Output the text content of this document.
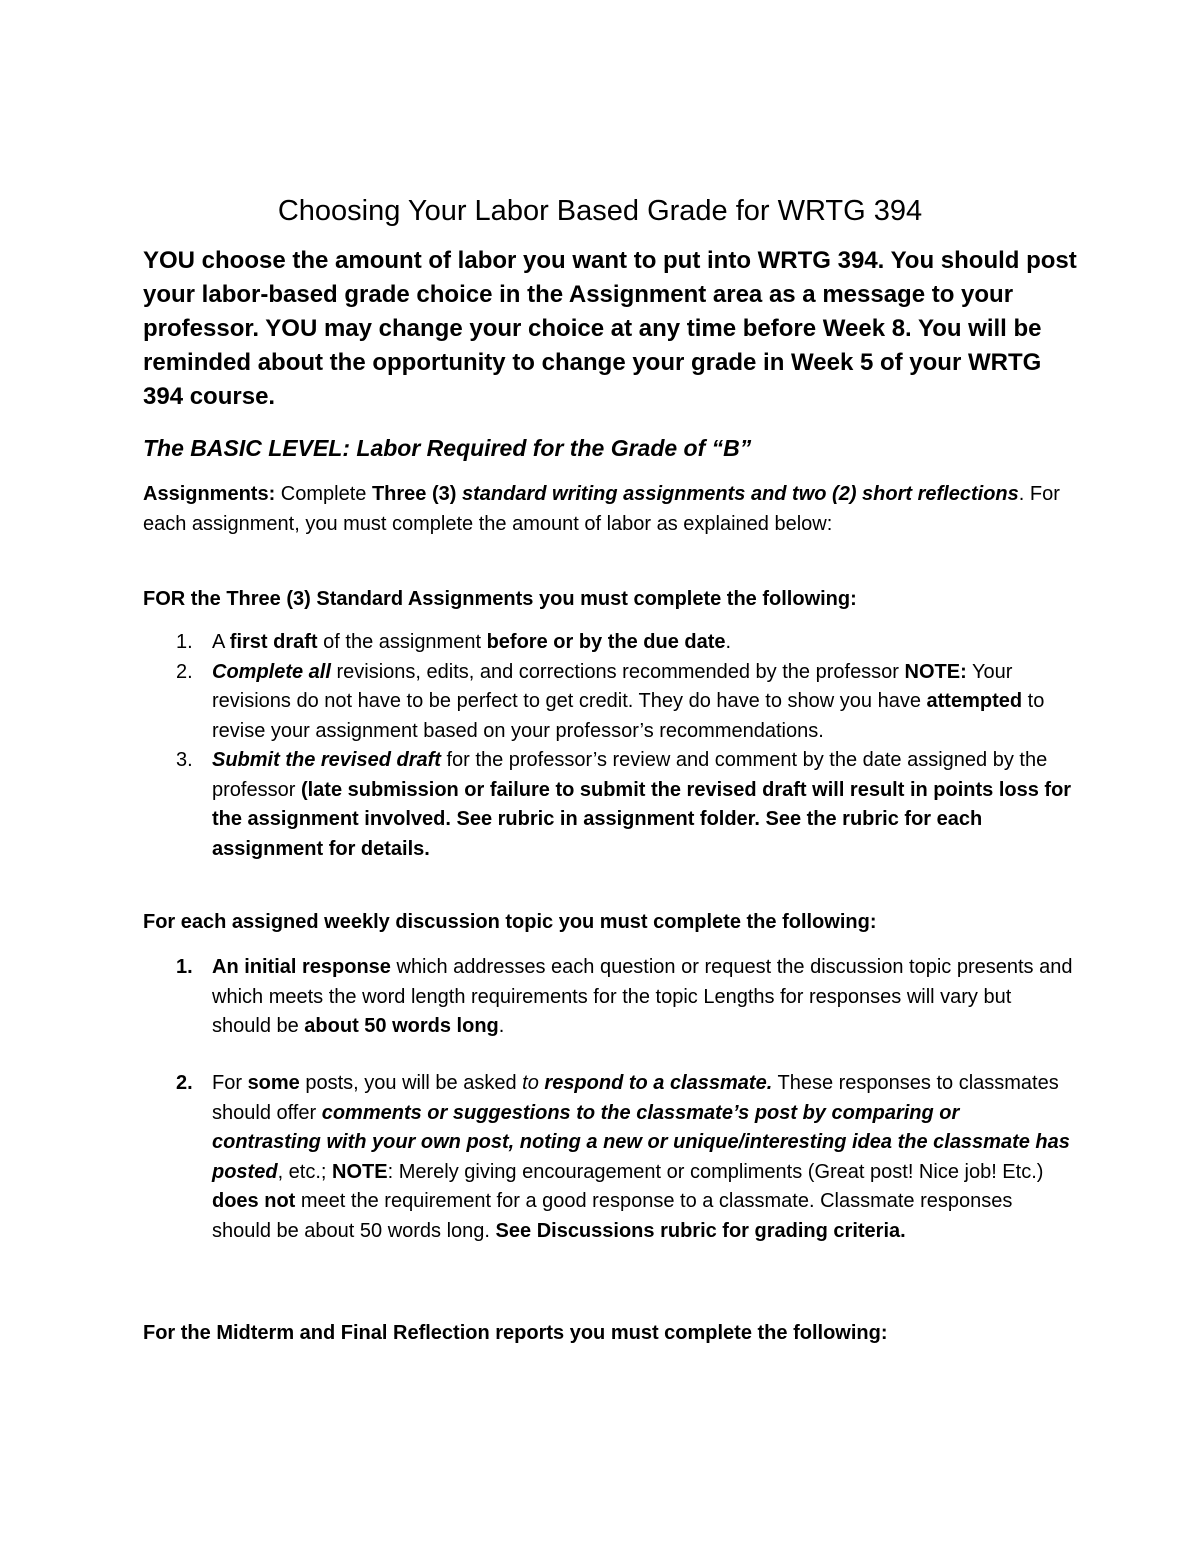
Choosing Your Labor Based Grade for WRTG 394

YOU choose the amount of labor you want to put into WRTG 394. You should post your labor-based grade choice in the Assignment area as a message to your professor. YOU may change your choice at any time before Week 8. You will be reminded about the opportunity to change your grade in Week 5 of your WRTG 394 course.

The BASIC LEVEL: Labor Required for the Grade of “B”

Assignments: Complete Three (3) standard writing assignments and two (2) short reflections. For each assignment, you must complete the amount of labor as explained below:

FOR the Three (3) Standard Assignments you must complete the following:

1. A first draft of the assignment before or by the due date.
2. Complete all revisions, edits, and corrections recommended by the professor NOTE: Your revisions do not have to be perfect to get credit. They do have to show you have attempted to revise your assignment based on your professor’s recommendations.
3. Submit the revised draft for the professor’s review and comment by the date assigned by the professor (late submission or failure to submit the revised draft will result in points loss for the assignment involved. See rubric in assignment folder. See the rubric for each assignment for details.

For each assigned weekly discussion topic you must complete the following:

1. An initial response which addresses each question or request the discussion topic presents and which meets the word length requirements for the topic Lengths for responses will vary but should be about 50 words long.
2. For some posts, you will be asked to respond to a classmate. These responses to classmates should offer comments or suggestions to the classmate’s post by comparing or contrasting with your own post, noting a new or unique/interesting idea the classmate has posted, etc.; NOTE: Merely giving encouragement or compliments (Great post! Nice job! Etc.) does not meet the requirement for a good response to a classmate. Classmate responses should be about 50 words long. See Discussions rubric for grading criteria.

For the Midterm and Final Reflection reports you must complete the following:
